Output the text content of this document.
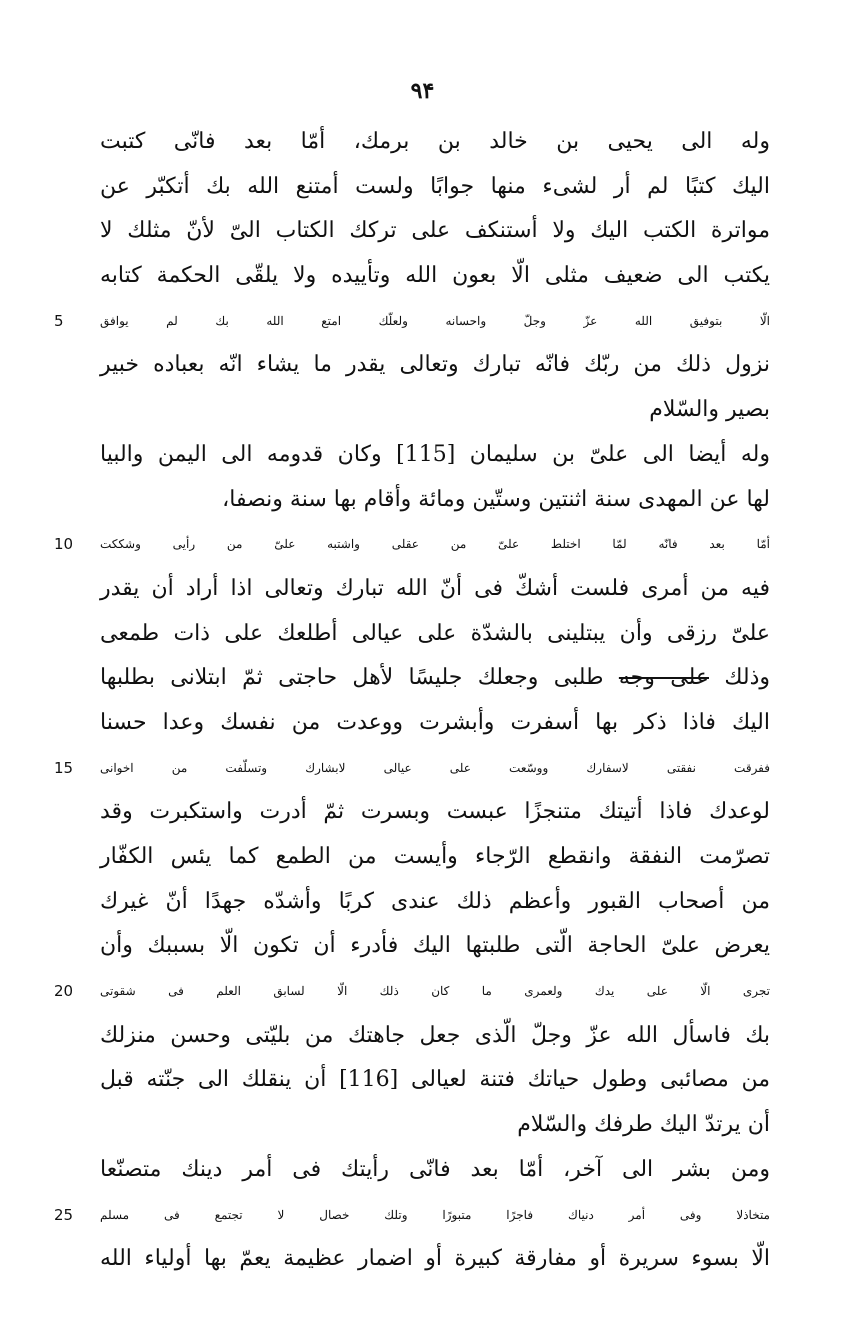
۹۴
وله الى يحيى بن خالد بن برمك، أمّا بعد فانّى كتبت
اليك كتبًا لم أر لشىء منها جوابًا ولست أمتنع الله بك أتكبّر عن
مواترة الكتب اليك ولا أستنكف على تركك الكتاب الىّ لأنّ مثلك لا
يكتب الى ضعيف مثلى الّا بعون الله وتأييده ولا يلقّى الحكمة كتابه
الّا بتوفيق الله عزّ وجلّ واحسانه ولعلّك امتع الله بك لم يوافق
5
نزول ذلك من ربّك فانّه تبارك وتعالى يقدر ما يشاء انّه بعباده خبير
بصير والسّلام
وله أيضا الى علىّ بن سليمان [115] وكان قدومه الى اليمن والبيا
لها عن المهدى سنة اثنتين وستّين ومائة وأقام بها سنة ونصفا،
أمّا بعد فانّه لمّا اختلط علىّ من عقلى واشتبه علىّ من رأيى وشككت
10
فيه من أمرى فلست أشكّ فى أنّ الله تبارك وتعالى اذا أراد أن يقدر
علىّ رزقى وأن يبتلينى بالشدّة على عيالى أطلعك على ذات طمعى
وذلك على وجه طلبى وجعلك جليسًا لأهل حاجتى ثمّ ابتلانى بطلبها
اليك فاذا ذكر بها أسفرت وأبشرت ووعدت من نفسك وعدا حسنا
ففرقت نفقتى لاسفارك ووسّعت على عيالى لابشارك وتسلّفت من اخوانى
15
لوعدك فاذا أتيتك متنجزًا عبست وبسرت ثمّ أدرت واستكبرت وقد
تصرّمت النفقة وانقطع الرّجاء وأيست من الطمع كما يئس الكفّار
من أصحاب القبور وأعظم ذلك عندى كربًا وأشدّه جهدًا أنّ غيرك
يعرض علىّ الحاجة الّتى طلبتها اليك فأدرء أن تكون الّا بسببك وأن
تجرى الّا على يدك ولعمرى ما كان ذلك الّا لسابق العلم فى شقوتى
20
بك فاسأل الله عزّ وجلّ الّذى جعل جاهتك من بليّتى وحسن منزلك
من مصائبى وطول حياتك فتنة لعيالى [116] أن ينقلك الى جنّته قبل
أن يرتدّ اليك طرفك والسّلام
ومن بشر الى آخر، أمّا بعد فانّى رأيتك فى أمر دينك متصنّعا
متخاذلا وفى أمر دنياك فاجرًا متبورًا وتلك خصال لا تجتمع فى مسلم
25
الّا بسوء سريرة أو مفارقة كبيرة أو اضمار عظيمة يعمّ بها أولياء الله
